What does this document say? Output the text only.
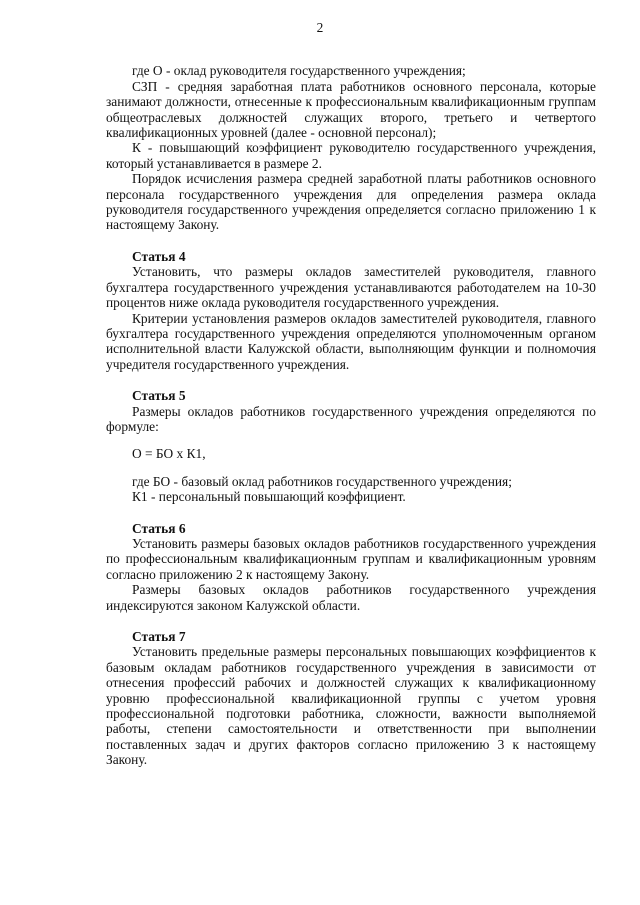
2

где О - оклад руководителя государственного учреждения;

СЗП - средняя заработная плата работников основного персонала, которые занимают должности, отнесенные к профессиональным квалификационным группам общеотраслевых должностей служащих второго, третьего и четвертого квалификационных уровней (далее - основной персонал);

К - повышающий коэффициент руководителю государственного учреждения, который устанавливается в размере 2.

Порядок исчисления размера средней заработной платы работников основного персонала государственного учреждения для определения размера оклада руководителя государственного учреждения определяется согласно приложению 1 к настоящему Закону.

Статья 4

Установить, что размеры окладов заместителей руководителя, главного бухгалтера государственного учреждения устанавливаются работодателем на 10-30 процентов ниже оклада руководителя государственного учреждения.

Критерии установления размеров окладов заместителей руководителя, главного бухгалтера государственного учреждения определяются уполномоченным органом исполнительной власти Калужской области, выполняющим функции и полномочия учредителя государственного учреждения.

Статья 5

Размеры окладов работников государственного учреждения определяются по формуле:

О = БО х К1,

где БО - базовый оклад работников государственного учреждения;

К1 - персональный повышающий коэффициент.

Статья 6

Установить размеры базовых окладов работников государственного учреждения по профессиональным квалификационным группам и квалификационным уровням согласно приложению 2 к настоящему Закону.

Размеры базовых окладов работников государственного учреждения индексируются законом Калужской области.

Статья 7

Установить предельные размеры персональных повышающих коэффициентов к базовым окладам работников государственного учреждения в зависимости от отнесения профессий рабочих и должностей служащих к квалификационному уровню профессиональной квалификационной группы с учетом уровня профессиональной подготовки работника, сложности, важности выполняемой работы, степени самостоятельности и ответственности при выполнении поставленных задач и других факторов согласно приложению 3 к настоящему Закону.
